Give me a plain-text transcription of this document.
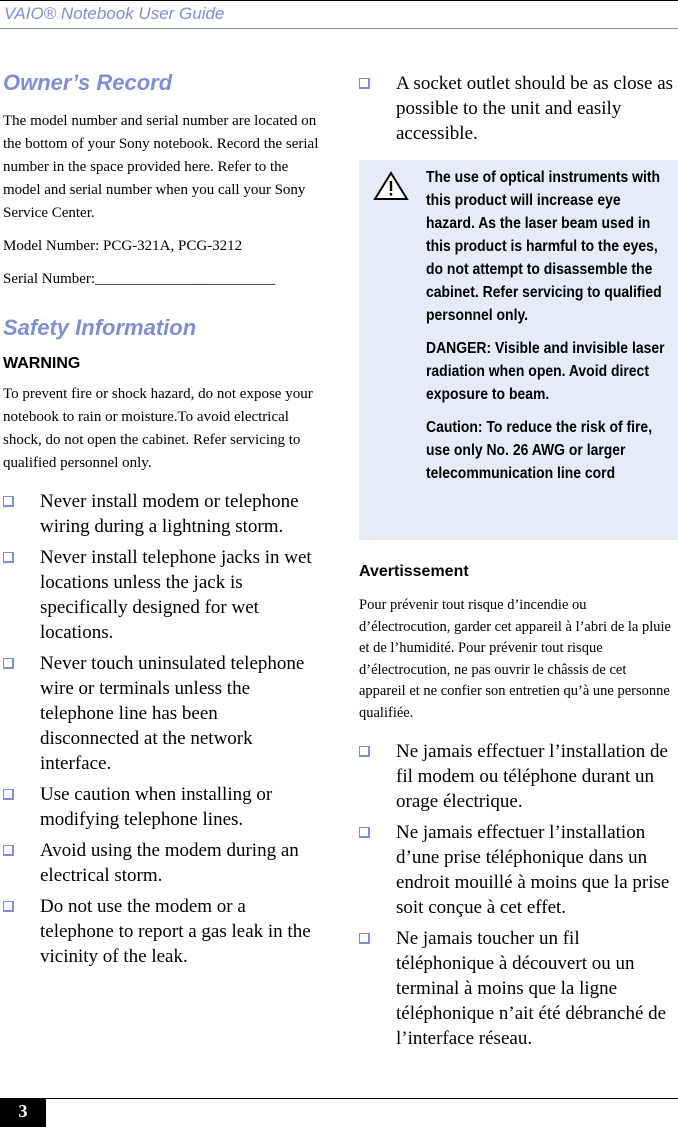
VAIO® Notebook User Guide
Owner’s Record

The model number and serial number are located on the bottom of your Sony notebook. Record the serial number in the space provided here. Refer to the model and serial number when you call your Sony Service Center.

Model Number: PCG-321A, PCG-3212

Serial Number:________________________

Safety Information
WARNING

To prevent fire or shock hazard, do not expose your notebook to rain or moisture.To avoid electrical shock, do not open the cabinet. Refer servicing to qualified personnel only.

Never install modem or telephone wiring during a lightning storm.
Never install telephone jacks in wet locations unless the jack is specifically designed for wet locations.
Never touch uninsulated telephone wire or terminals unless the telephone line has been disconnected at the network interface.
Use caution when installing or modifying telephone lines.
Avoid using the modem during an electrical storm.
Do not use the modem or a telephone to report a gas leak in the vicinity of the leak.
A socket outlet should be as close as possible to the unit and easily accessible.

The use of optical instruments with this product will increase eye hazard. As the laser beam used in this product is harmful to the eyes, do not attempt to disassemble the cabinet. Refer servicing to qualified personnel only.

DANGER: Visible and invisible laser radiation when open. Avoid direct exposure to beam.

Caution: To reduce the risk of fire, use only No. 26 AWG or larger telecommunication line cord

Avertissement

Pour prévenir tout risque d’incendie ou d’électrocution, garder cet appareil à l’abri de la pluie et de l’humidité. Pour prévenir tout risque d’électrocution, ne pas ouvrir le châssis de cet appareil et ne confier son entretien qu’à une personne qualifiée.

Ne jamais effectuer l’installation de fil modem ou téléphone durant un orage électrique.
Ne jamais effectuer l’installation d’une prise téléphonique dans un endroit mouillé à moins que la prise soit conçue à cet effet.
Ne jamais toucher un fil téléphonique à découvert ou un terminal à moins que la ligne téléphonique n’ait été débranché de l’interface réseau.
3
